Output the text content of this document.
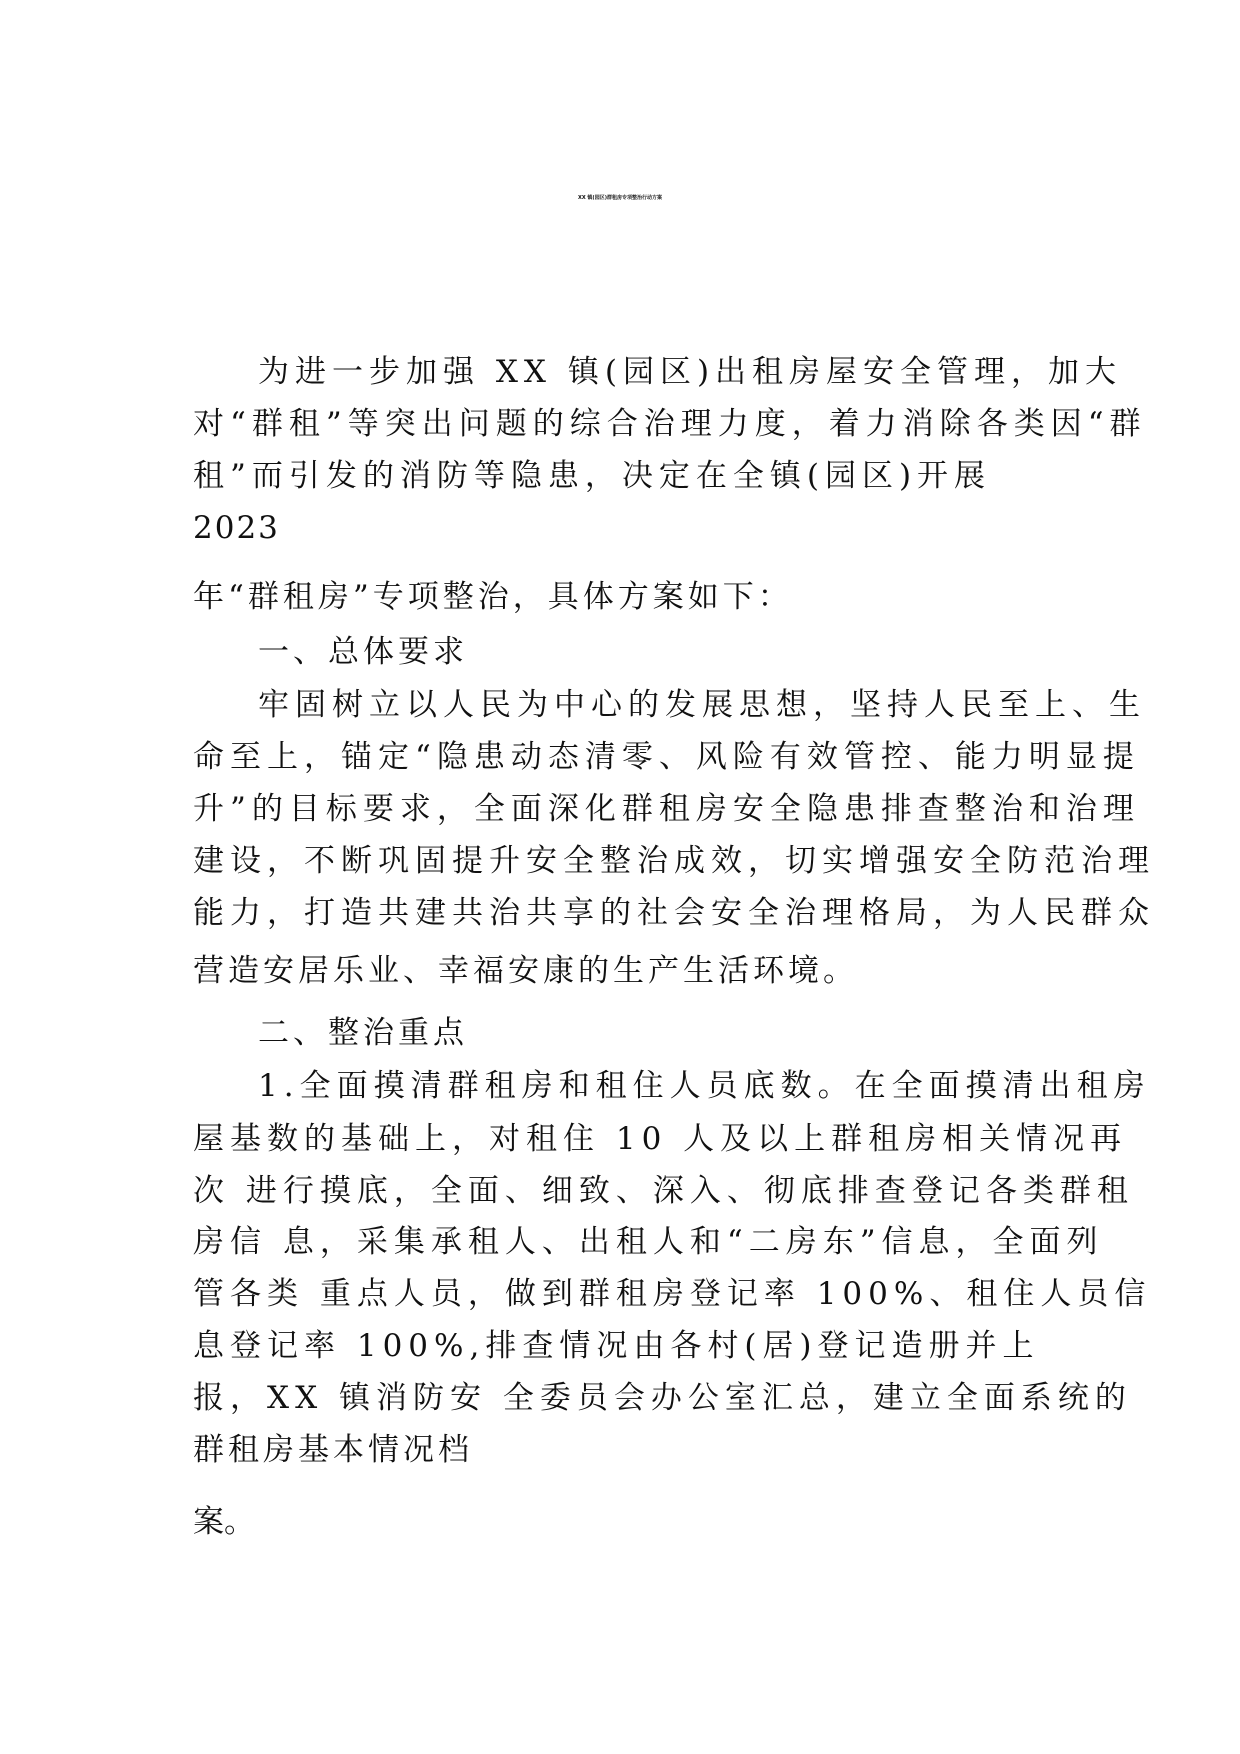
XX 镇(园区)群租房专项整治行动方案

为进一步加强 XX 镇(园区)出租房屋安全管理，加大

对“群租”等突出问题的综合治理力度，着力消除各类因“群

租”而引发的消防等隐患，决定在全镇(园区)开展

2023

年“群租房”专项整治，具体方案如下：

一、总体要求

牢固树立以人民为中心的发展思想，坚持人民至上、生

命至上，锚定“隐患动态清零、风险有效管控、能力明显提

升”的目标要求，全面深化群租房安全隐患排查整治和治理

建设，不断巩固提升安全整治成效，切实增强安全防范治理

能力，打造共建共治共享的社会安全治理格局，为人民群众

营造安居乐业、幸福安康的生产生活环境。

二、整治重点

1.全面摸清群租房和租住人员底数。在全面摸清出租房

屋基数的基础上，对租住 10 人及以上群租房相关情况再

次 进行摸底，全面、细致、深入、彻底排查登记各类群租

房信 息，采集承租人、出租人和“二房东”信息，全面列

管各类 重点人员，做到群租房登记率 100%、租住人员信

息登记率 100%,排查情况由各村(居)登记造册并上

报，XX 镇消防安 全委员会办公室汇总，建立全面系统的

群租房基本情况档

案。
